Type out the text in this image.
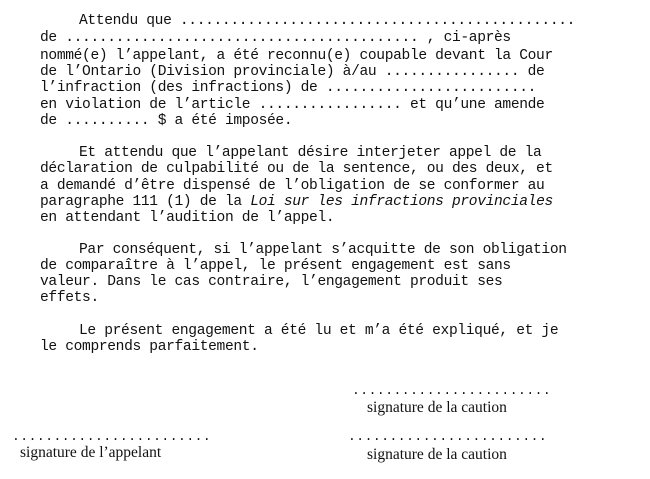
Attendu que ...............................................
de .......................................... , ci-après
nommé(e) l’appelant, a été reconnu(e) coupable devant la Cour
de l’Ontario (Division provinciale) à/au ................ de
l’infraction (des infractions) de .........................
en violation de l’article ................. et qu’une amende
de .......... $ a été imposée.
Et attendu que l’appelant désire interjeter appel de la
déclaration de culpabilité ou de la sentence, ou des deux, et
a demandé d’être dispensé de l’obligation de se conformer au
paragraphe 111 (1) de la Loi sur les infractions provinciales
en attendant l’audition de l’appel.
Par conséquent, si l’appelant s’acquitte de son obligation
de comparaître à l’appel, le présent engagement est sans
valeur. Dans le cas contraire, l’engagement produit ses
effets.
Le présent engagement a été lu et m’a été expliqué, et je
le comprends parfaitement.
........................
signature de la caution
........................
signature de l’appelant
........................
signature de la caution
